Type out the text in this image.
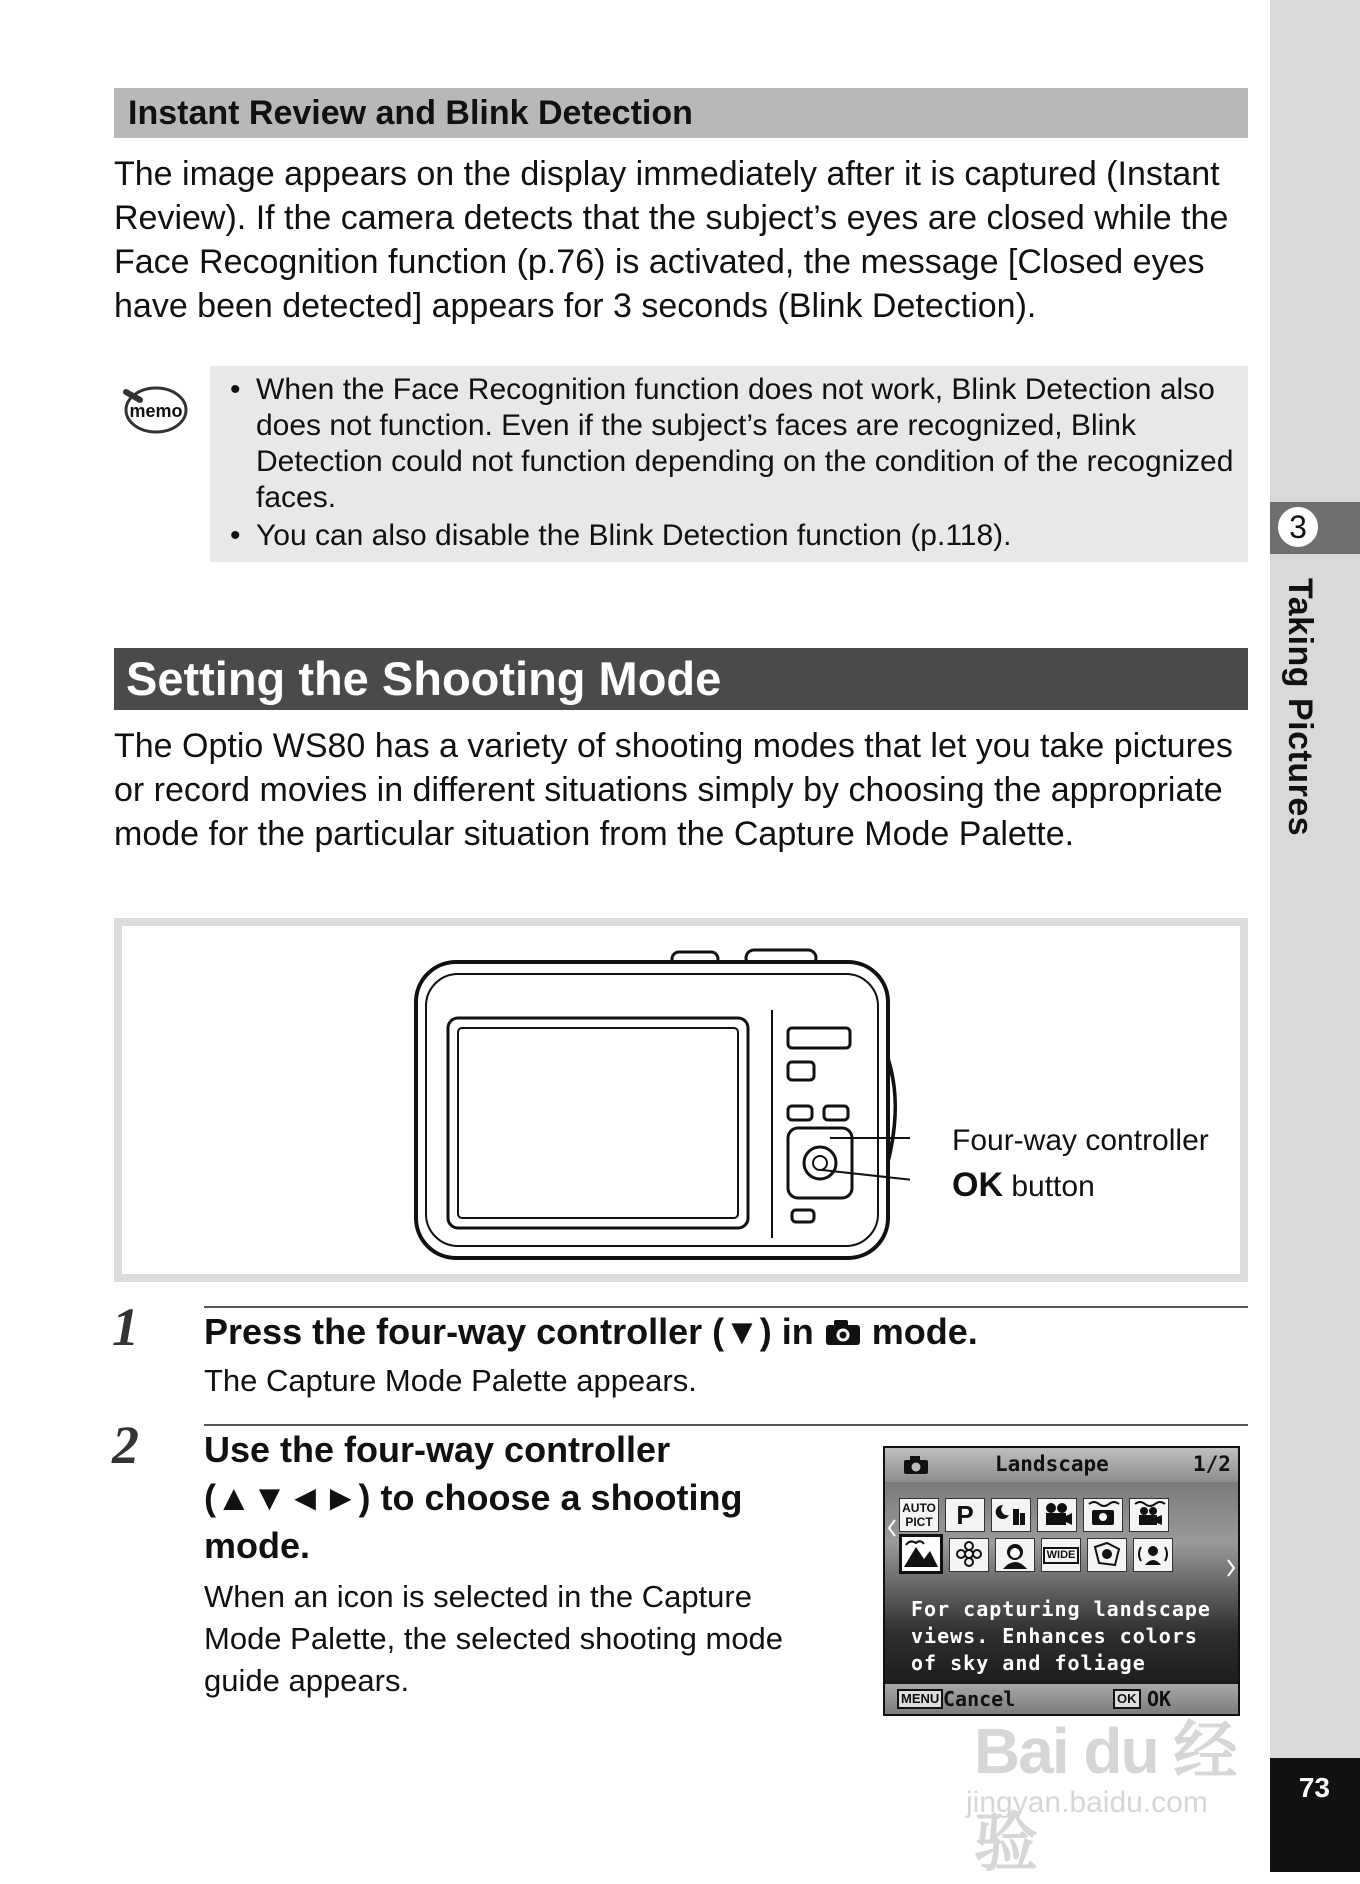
3
Taking Pictures
73
Instant Review and Blink Detection
The image appears on the display immediately after it is captured (Instant Review). If the camera detects that the subject’s eyes are closed while the Face Recognition function (p.76) is activated, the message [Closed eyes have been detected] appears for 3 seconds (Blink Detection).
memo
• When the Face Recognition function does not work, Blink Detection also does not function. Even if the subject’s faces are recognized, Blink Detection could not function depending on the condition of the recognized faces.
• You can also disable the Blink Detection function (p.118).
Setting the Shooting Mode
The Optio WS80 has a variety of shooting modes that let you take pictures or record movies in different situations simply by choosing the appropriate mode for the particular situation from the Capture Mode Palette.
Four-way controller
OK button
1 Press the four-way controller (▼) in mode.
The Capture Mode Palette appears.
2 Use the four-way controller
(▲▼◄►) to choose a shooting
mode.
When an icon is selected in the Capture
Mode Palette, the selected shooting mode
guide appears.
Landscape	1/2
AUTO
PICT P
WIDE
For capturing landscape
views. Enhances colors
of sky and foliage
MENU Cancel	OK OK
Bai du 经验
jingyan.baidu.com
